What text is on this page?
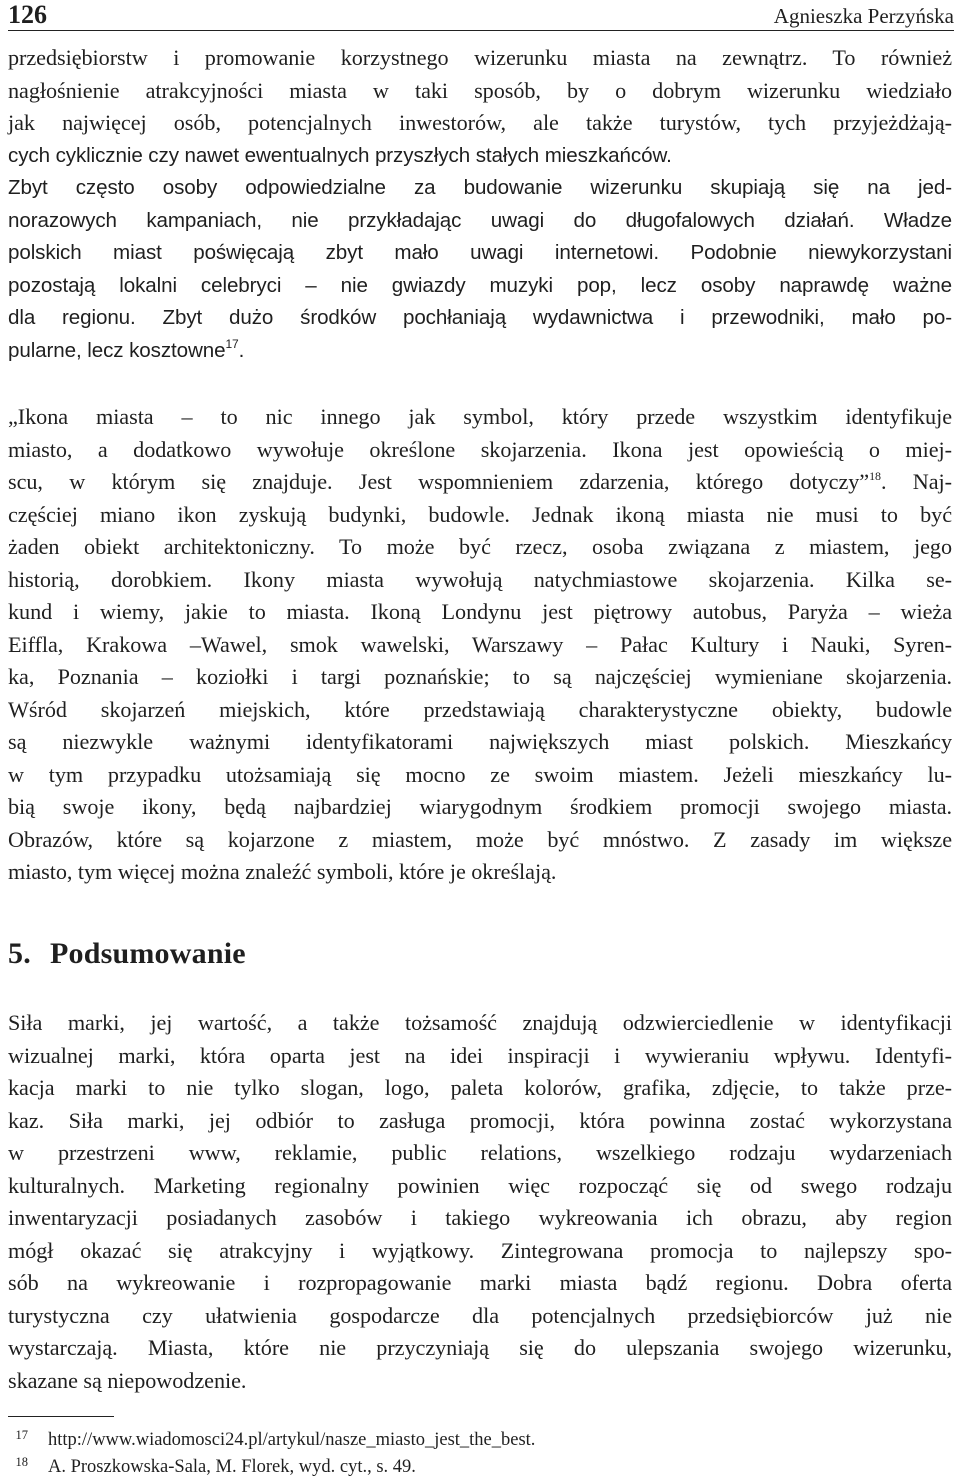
126	Agnieszka Perzyńska
przedsiębiorstw i promowanie korzystnego wizerunku miasta na zewnątrz. To również
nagłośnienie atrakcyjności miasta w taki sposób, by o dobrym wizerunku wiedziało
jak najwięcej osób, potencjalnych inwestorów, ale także turystów, tych przyjeżdżają-
cych cyklicznie czy nawet ewentualnych przyszłych stałych mieszkańców.
Zbyt często osoby odpowiedzialne za budowanie wizerunku skupiają się na jed-
norazowych kampaniach, nie przykładając uwagi do długofalowych działań. Władze
polskich miast poświęcają zbyt mało uwagi internetowi. Podobnie niewykorzystani
pozostają lokalni celebryci – nie gwiazdy muzyki pop, lecz osoby naprawdę ważne
dla regionu. Zbyt dużo środków pochłaniają wydawnictwa i przewodniki, mało po-
pularne, lecz kosztowne$^{17}$.
„Ikona miasta – to nic innego jak symbol, który przede wszystkim identyfikuje
miasto, a dodatkowo wywołuje określone skojarzenia. Ikona jest opowieścią o miej-
scu, w którym się znajduje. Jest wspomnieniem zdarzenia, którego dotyczy”$^{18}$. Naj-
częściej miano ikon zyskują budynki, budowle. Jednak ikoną miasta nie musi to być
żaden obiekt architektoniczny. To może być rzecz, osoba związana z miastem, jego
historią, dorobkiem. Ikony miasta wywołują natychmiastowe skojarzenia. Kilka se-
kund i wiemy, jakie to miasta. Ikoną Londynu jest piętrowy autobus, Paryża – wieża
Eiffla, Krakowa –Wawel, smok wawelski, Warszawy – Pałac Kultury i Nauki, Syren-
ka, Poznania – koziołki i targi poznańskie; to są najczęściej wymieniane skojarzenia.
Wśród skojarzeń miejskich, które przedstawiają charakterystyczne obiekty, budowle
są niezwykle ważnymi identyfikatorami największych miast polskich. Mieszkańcy
w tym przypadku utożsamiają się mocno ze swoim miastem. Jeżeli mieszkańcy lu-
bią swoje ikony, będą najbardziej wiarygodnym środkiem promocji swojego miasta.
Obrazów, które są kojarzone z miastem, może być mnóstwo. Z zasady im większe
miasto, tym więcej można znaleźć symboli, które je określają.
5. Podsumowanie
Siła marki, jej wartość, a także tożsamość znajdują odzwierciedlenie w identyfikacji
wizualnej marki, która oparta jest na idei inspiracji i wywieraniu wpływu. Identyfi-
kacja marki to nie tylko slogan, logo, paleta kolorów, grafika, zdjęcie, to także prze-
kaz. Siła marki, jej odbiór to zasługa promocji, która powinna zostać wykorzystana
w przestrzeni www, reklamie, public relations, wszelkiego rodzaju wydarzeniach
kulturalnych. Marketing regionalny powinien więc rozpocząć się od swego rodzaju
inwentaryzacji posiadanych zasobów i takiego wykreowania ich obrazu, aby region
mógł okazać się atrakcyjny i wyjątkowy. Zintegrowana promocja to najlepszy spo-
sób na wykreowanie i rozpropagowanie marki miasta bądź regionu. Dobra oferta
turystyczna czy ułatwienia gospodarcze dla potencjalnych przedsiębiorców już nie
wystarczają. Miasta, które nie przyczyniają się do ulepszania swojego wizerunku,
skazane są niepowodzenie.
17 http://www.wiadomosci24.pl/artykul/nasze_miasto_jest_the_best.
18 A. Proszkowska-Sala, M. Florek, wyd. cyt., s. 49.
